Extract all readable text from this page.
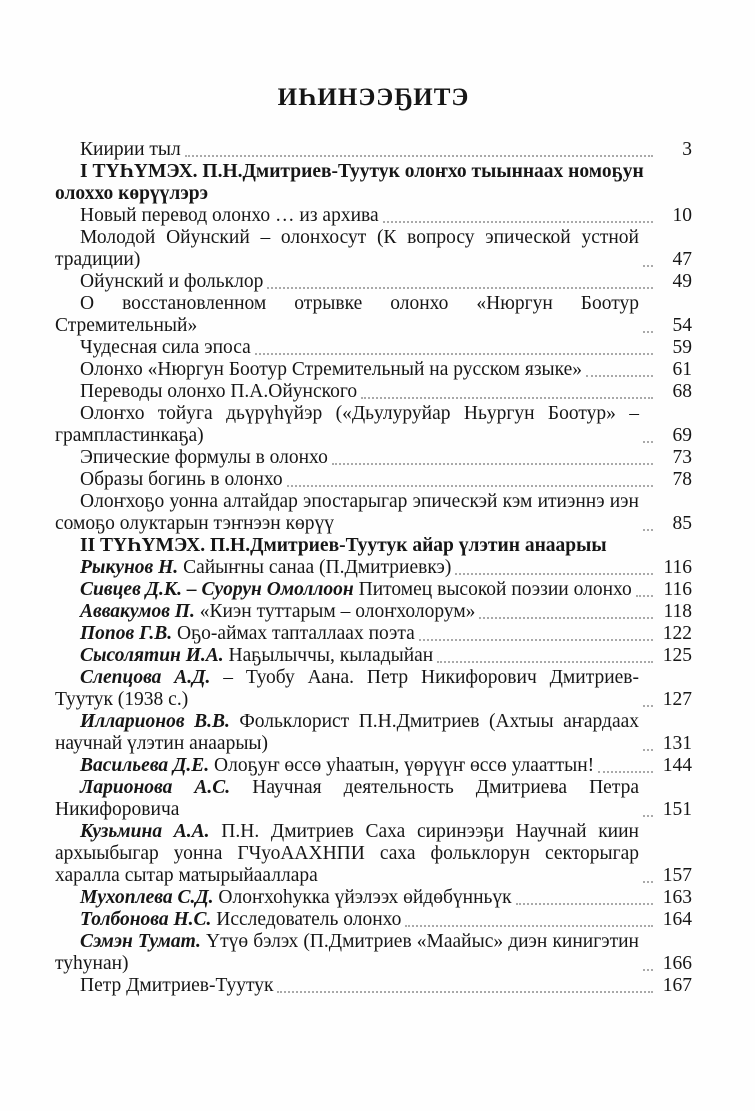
ИҺИНЭЭҔИТЭ
Киирии тыл	3
I ТҮҺҮМЭХ. П.Н.Дмитриев-Туутук олоҥхо тыыннаах номоҕун олоххо көрүүлэрэ
Новый перевод олонхо … из архива	10
Молодой Ойунский – олонхосут (К вопросу эпической устной традиции)	47
Ойунский и фольклор	49
О восстановленном отрывке олонхо «Нюргун Боотур Стремительный»	54
Чудесная сила эпоса	59
Олонхо «Нюргун Боотур Стремительный на русском языке»	61
Переводы олонхо П.А.Ойунского	68
Олоҥхо тойуга дьүрүһүйэр («Дьулуруйар Ньургун Боотур» – грампластинкаҕа)	69
Эпические формулы в олонхо	73
Образы богинь в олонхо	78
Олоҥхоҕо уонна алтайдар эпостарыгар эпическэй кэм итиэннэ иэн сомоҕо олуктарын тэҥнээн көрүү	85
II ТҮҺҮМЭХ. П.Н.Дмитриев-Туутук айар үлэтин анаарыы
Рыкунов Н. Сайыҥны санаа (П.Дмитриевкэ)	116
Сивцев Д.К. – Суорун Омоллоон Питомец высокой поэзии олонхо	116
Аввакумов П. «Киэн туттарым – олоҥхолорум»	118
Попов Г.В. Оҕо-аймах тапталлаах поэта	122
Сысолятин И.А. Наҕылыччы, кыладыйан	125
Слепцова А.Д. – Туобу Аана. Петр Никифорович Дмитриев-Туутук (1938 с.)	127
Илларионов В.В. Фольклорист П.Н.Дмитриев (Ахтыы аҥардаах научнай үлэтин анаарыы)	131
Васильева Д.Е. Олоҕуҥ өссө уһаатын, үөрүүҥ өссө улааттын!	144
Ларионова А.С. Научная деятельность Дмитриева Петра Никифоровича	151
Кузьмина А.А. П.Н. Дмитриев Саха сиринээҕи Научнай киин архыыбыгар уонна ГЧуоААХНПИ саха фольклорун секторыгар харалла сытар матырыйааллара	157
Мухоплева С.Д. Олоҥхоһукка үйэлээх өйдөбүнньүк	163
Толбонова Н.С. Исследователь олонхо	164
Сэмэн Тумат. Үтүө бэлэх (П.Дмитриев «Маайыс» диэн кинигэтин туһунан)	166
Петр Дмитриев-Туутук	167
